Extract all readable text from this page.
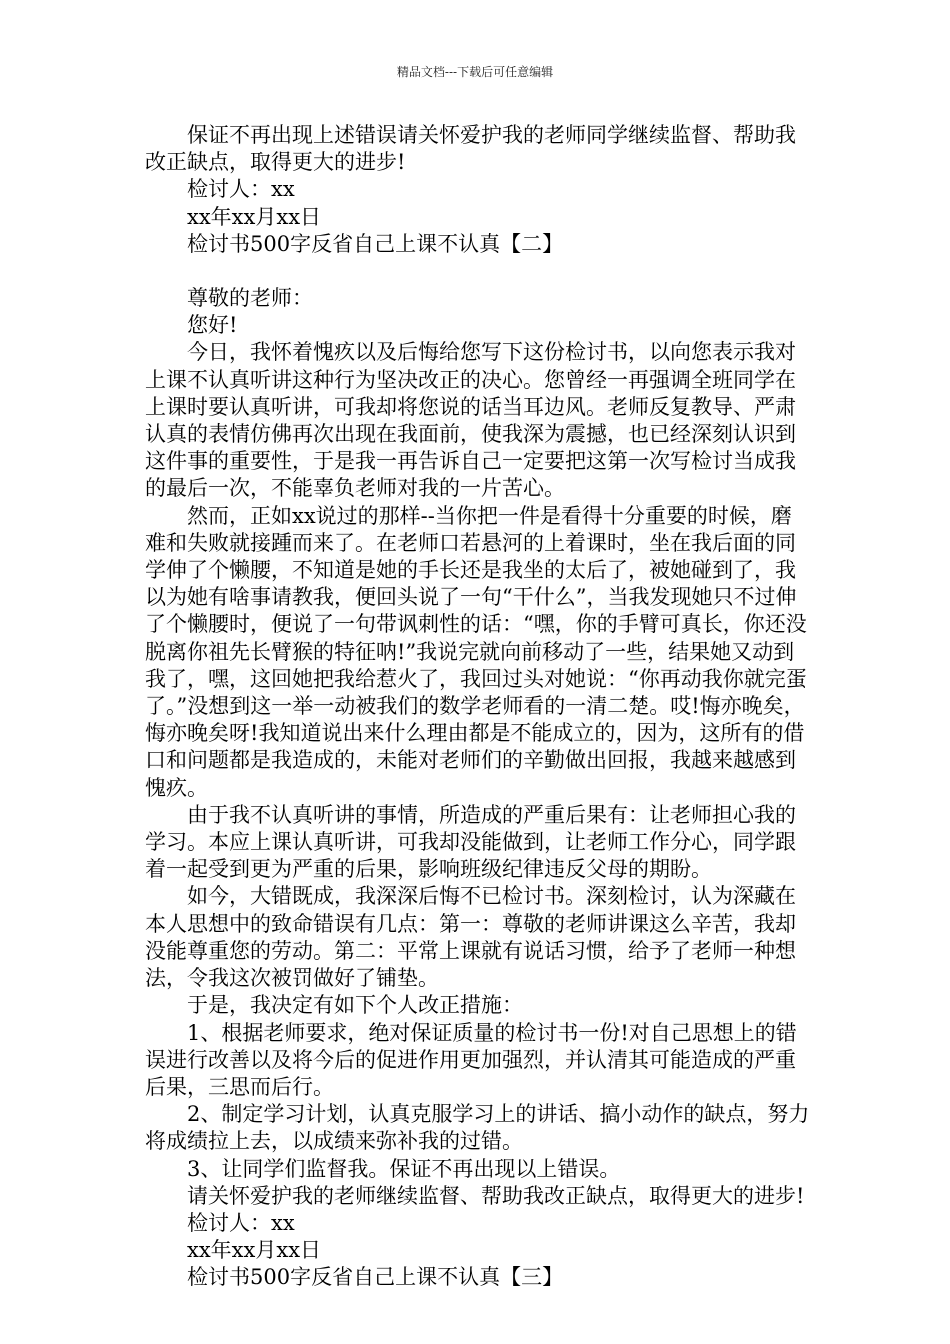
精品文档---下载后可任意编辑

保证不再出现上述错误请关怀爱护我的老师同学继续监督、帮助我改正缺点，取得更大的进步!

检讨人：xx

xx年xx月xx日

检讨书500字反省自己上课不认真【二】

尊敬的老师：

您好!

今日，我怀着愧疚以及后悔给您写下这份检讨书，以向您表示我对上课不认真听讲这种行为坚决改正的决心。您曾经一再强调全班同学在上课时要认真听讲，可我却将您说的话当耳边风。老师反复教导、严肃认真的表情仿佛再次出现在我面前，使我深为震撼，也已经深刻认识到这件事的重要性，于是我一再告诉自己一定要把这第一次写检讨当成我的最后一次，不能辜负老师对我的一片苦心。

然而，正如xx说过的那样--当你把一件是看得十分重要的时候，磨难和失败就接踵而来了。在老师口若悬河的上着课时，坐在我后面的同学伸了个懒腰，不知道是她的手长还是我坐的太后了，被她碰到了，我以为她有啥事请教我，便回头说了一句“干什么”，当我发现她只不过伸了个懒腰时，便说了一句带讽刺性的话：“嘿，你的手臂可真长，你还没脱离你祖先长臂猴的特征呐!”我说完就向前移动了一些，结果她又动到我了，嘿，这回她把我给惹火了，我回过头对她说：“你再动我你就完蛋了。”没想到这一举一动被我们的数学老师看的一清二楚。哎!悔亦晚矣，悔亦晚矣呀!我知道说出来什么理由都是不能成立的，因为，这所有的借口和问题都是我造成的，未能对老师们的辛勤做出回报，我越来越感到愧疚。

由于我不认真听讲的事情，所造成的严重后果有：让老师担心我的学习。本应上课认真听讲，可我却没能做到，让老师工作分心，同学跟着一起受到更为严重的后果，影响班级纪律违反父母的期盼。

如今，大错既成，我深深后悔不已检讨书。深刻检讨，认为深藏在本人思想中的致命错误有几点：第一：尊敬的老师讲课这么辛苦，我却没能尊重您的劳动。第二：平常上课就有说话习惯，给予了老师一种想法，令我这次被罚做好了铺垫。

于是，我决定有如下个人改正措施：

1、根据老师要求，绝对保证质量的检讨书一份!对自己思想上的错误进行改善以及将今后的促进作用更加强烈，并认清其可能造成的严重后果，三思而后行。

2、制定学习计划，认真克服学习上的讲话、搞小动作的缺点，努力将成绩拉上去，以成绩来弥补我的过错。

3、让同学们监督我。保证不再出现以上错误。

请关怀爱护我的老师继续监督、帮助我改正缺点，取得更大的进步!

检讨人：xx

xx年xx月xx日

检讨书500字反省自己上课不认真【三】
